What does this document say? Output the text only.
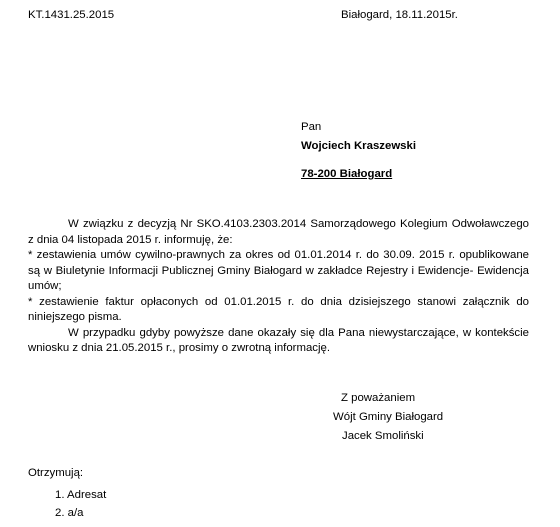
KT.1431.25.2015	Białogard, 18.11.2015r.
Pan
Wojciech Kraszewski
78-200 Białogard

W związku z decyzją Nr SKO.4103.2303.2014 Samorządowego Kolegium Odwoławczego z dnia 04 listopada 2015 r. informuję, że:

* zestawienia umów cywilno-prawnych za okres od 01.01.2014 r. do 30.09. 2015 r. opublikowane są w Biuletynie Informacji Publicznej Gminy Białogard w zakładce Rejestry i Ewidencje- Ewidencja umów;

* zestawienie faktur opłaconych od 01.01.2015 r. do dnia dzisiejszego stanowi załącznik do niniejszego pisma.

W przypadku gdyby powyższe dane okazały się dla Pana niewystarczające, w kontekście wniosku z dnia 21.05.2015 r., prosimy o zwrotną informację.

Z poważaniem
Wójt Gminy Białogard
Jacek Smoliński
Otrzymują:
1. Adresat
2. a/a
